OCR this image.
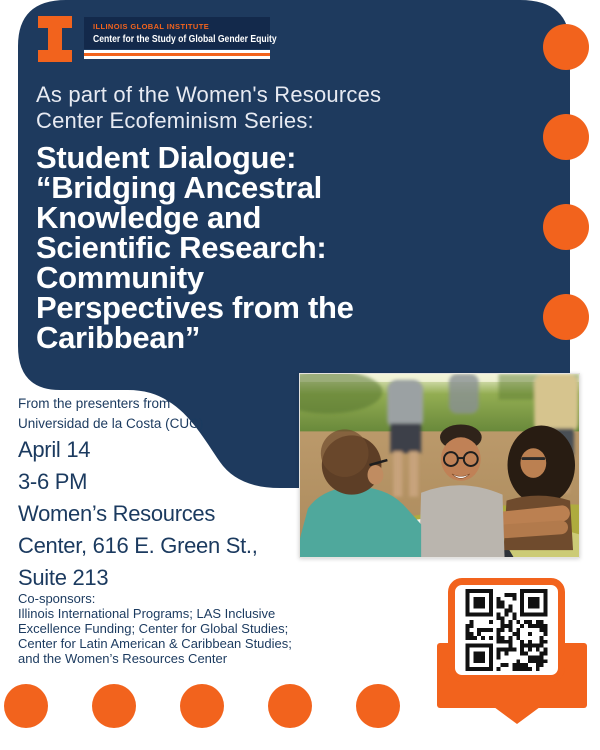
ILLINOIS GLOBAL INSTITUTE
Center for the Study of Global Gender Equity
As part of the Women's Resources
Center Ecofeminism Series:
Student Dialogue:
“Bridging Ancestral
Knowledge and
Scientific Research:
Community
Perspectives from the
Caribbean”
From the presenters from
Universidad de la Costa (CUC)
April 14
3-6 PM
Women’s Resources
Center, 616 E. Green St.,
Suite 213
Co-sponsors:
Illinois International Programs; LAS Inclusive
Excellence Funding; Center for Global Studies;
Center for Latin American & Caribbean Studies;
and the Women’s Resources Center
